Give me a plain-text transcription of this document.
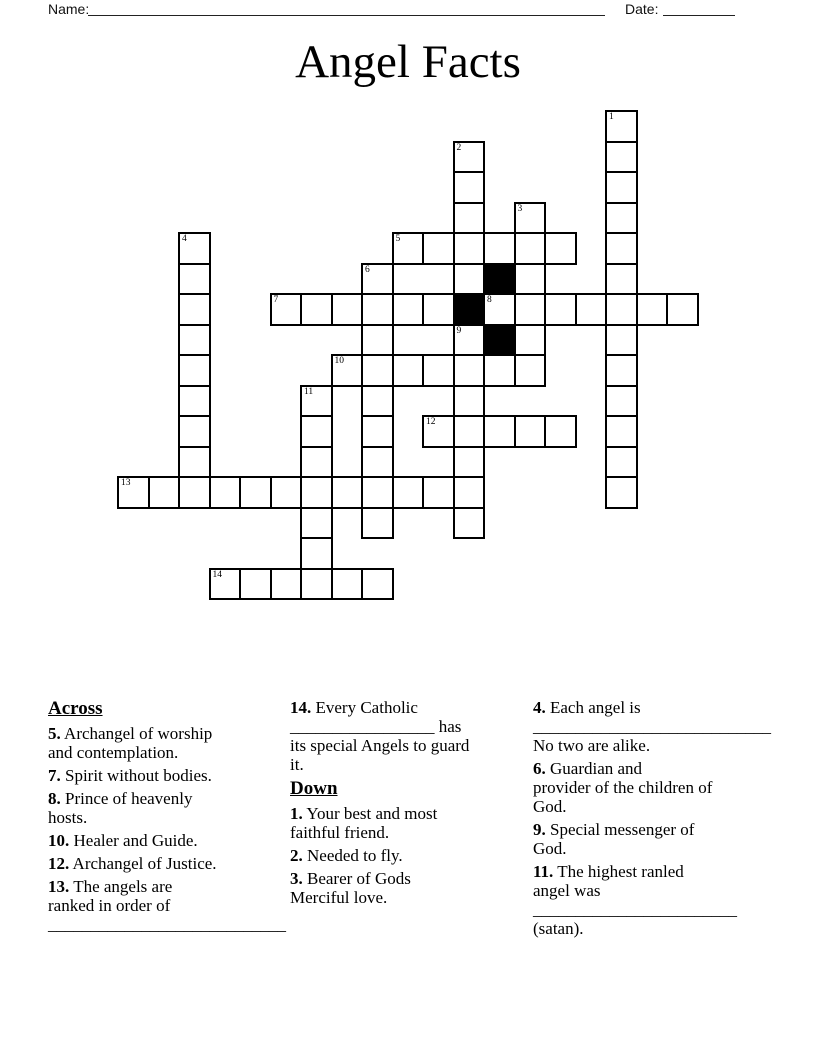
Name:	Date:
Angel Facts
1
2
3
4	5
6
7	8
9
10
11
12
13
14
Across
5. Archangel of worship
and contemplation.
7. Spirit without bodies.
8. Prince of heavenly
hosts.
10. Healer and Guide.
12. Archangel of Justice.
13. The angels are
ranked in order of
____________________________
14. Every Catholic
_________________ has
its special Angels to guard
it.
Down
1. Your best and most
faithful friend.
2. Needed to fly.
3. Bearer of Gods
Merciful love.
4. Each angel is
____________________________
No two are alike.
6. Guardian and
provider of the children of
God.
9. Special messenger of
God.
11. The highest ranled
angel was
________________________
(satan).
